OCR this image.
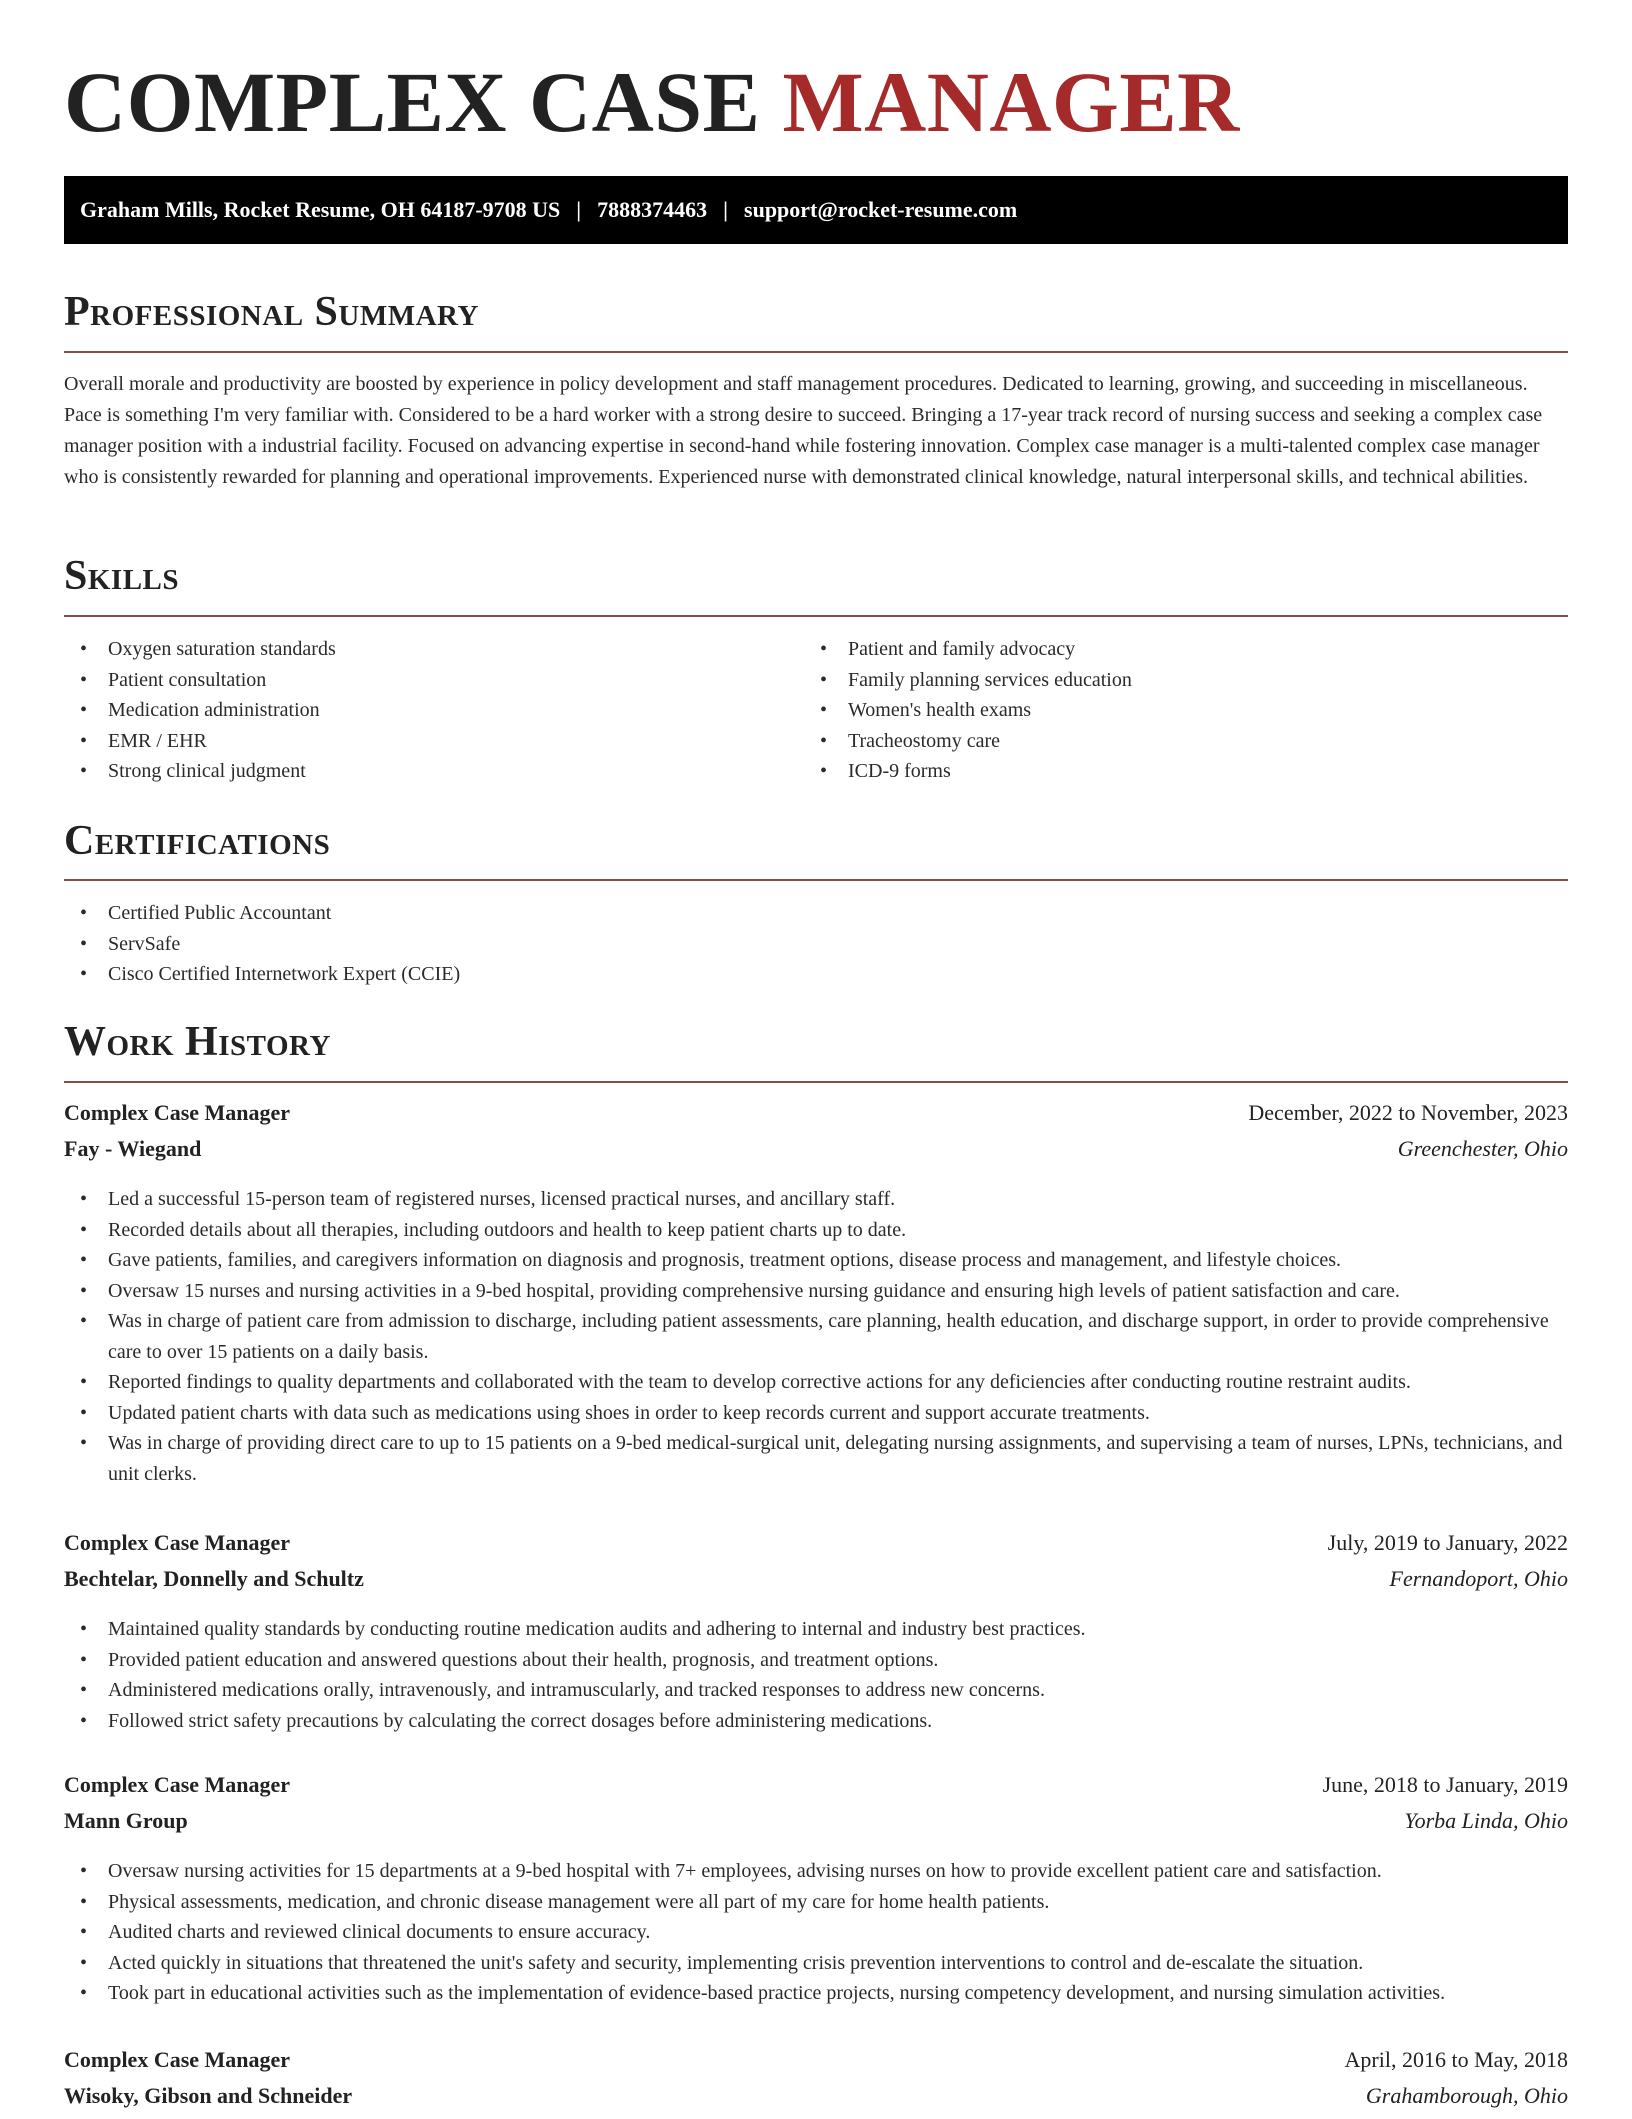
COMPLEX CASE MANAGER
Graham Mills, Rocket Resume, OH 64187-9708 US | 7888374463 | support@rocket-resume.com
Professional Summary

Overall morale and productivity are boosted by experience in policy development and staff management procedures. Dedicated to learning, growing, and succeeding in miscellaneous. Pace is something I'm very familiar with. Considered to be a hard worker with a strong desire to succeed. Bringing a 17-year track record of nursing success and seeking a complex case manager position with a industrial facility. Focused on advancing expertise in second-hand while fostering innovation. Complex case manager is a multi-talented complex case manager who is consistently rewarded for planning and operational improvements. Experienced nurse with demonstrated clinical knowledge, natural interpersonal skills, and technical abilities.

Skills
• Oxygen saturation standards
• Patient consultation
• Medication administration
• EMR / EHR
• Strong clinical judgment
• Patient and family advocacy
• Family planning services education
• Women's health exams
• Tracheostomy care
• ICD-9 forms
Certifications
• Certified Public Accountant
• ServSafe
• Cisco Certified Internetwork Expert (CCIE)
Work History
Complex Case Manager	December, 2022 to November, 2023
Fay - Wiegand	Greenchester, Ohio
• Led a successful 15-person team of registered nurses, licensed practical nurses, and ancillary staff.
• Recorded details about all therapies, including outdoors and health to keep patient charts up to date.
• Gave patients, families, and caregivers information on diagnosis and prognosis, treatment options, disease process and management, and lifestyle choices.
• Oversaw 15 nurses and nursing activities in a 9-bed hospital, providing comprehensive nursing guidance and ensuring high levels of patient satisfaction and care.
• Was in charge of patient care from admission to discharge, including patient assessments, care planning, health education, and discharge support, in order to provide comprehensive care to over 15 patients on a daily basis.
• Reported findings to quality departments and collaborated with the team to develop corrective actions for any deficiencies after conducting routine restraint audits.
• Updated patient charts with data such as medications using shoes in order to keep records current and support accurate treatments.
• Was in charge of providing direct care to up to 15 patients on a 9-bed medical-surgical unit, delegating nursing assignments, and supervising a team of nurses, LPNs, technicians, and unit clerks.
Complex Case Manager	July, 2019 to January, 2022
Bechtelar, Donnelly and Schultz	Fernandoport, Ohio
• Maintained quality standards by conducting routine medication audits and adhering to internal and industry best practices.
• Provided patient education and answered questions about their health, prognosis, and treatment options.
• Administered medications orally, intravenously, and intramuscularly, and tracked responses to address new concerns.
• Followed strict safety precautions by calculating the correct dosages before administering medications.
Complex Case Manager	June, 2018 to January, 2019
Mann Group	Yorba Linda, Ohio
• Oversaw nursing activities for 15 departments at a 9-bed hospital with 7+ employees, advising nurses on how to provide excellent patient care and satisfaction.
• Physical assessments, medication, and chronic disease management were all part of my care for home health patients.
• Audited charts and reviewed clinical documents to ensure accuracy.
• Acted quickly in situations that threatened the unit's safety and security, implementing crisis prevention interventions to control and de-escalate the situation.
• Took part in educational activities such as the implementation of evidence-based practice projects, nursing competency development, and nursing simulation activities.
Complex Case Manager	April, 2016 to May, 2018
Wisoky, Gibson and Schneider	Grahamborough, Ohio
